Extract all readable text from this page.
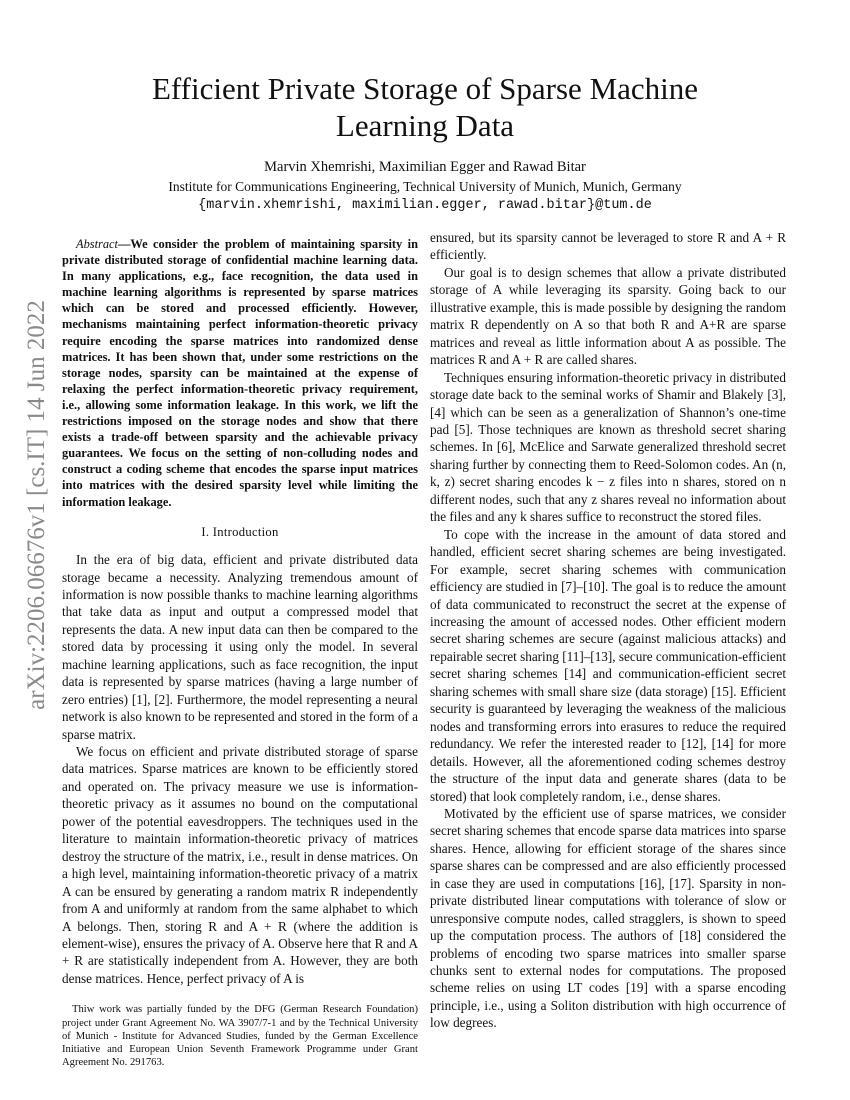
arXiv:2206.06676v1 [cs.IT] 14 Jun 2022
Efficient Private Storage of Sparse Machine
Learning Data
Marvin Xhemrishi, Maximilian Egger and Rawad Bitar
Institute for Communications Engineering, Technical University of Munich, Munich, Germany
{marvin.xhemrishi, maximilian.egger, rawad.bitar}@tum.de

Abstract—We consider the problem of maintaining sparsity in private distributed storage of confidential machine learning data. In many applications, e.g., face recognition, the data used in machine learning algorithms is represented by sparse matrices which can be stored and processed efficiently. However, mechanisms maintaining perfect information-theoretic privacy require encoding the sparse matrices into randomized dense matrices. It has been shown that, under some restrictions on the storage nodes, sparsity can be maintained at the expense of relaxing the perfect information-theoretic privacy requirement, i.e., allowing some information leakage. In this work, we lift the restrictions imposed on the storage nodes and show that there exists a trade-off between sparsity and the achievable privacy guarantees. We focus on the setting of non-colluding nodes and construct a coding scheme that encodes the sparse input matrices into matrices with the desired sparsity level while limiting the information leakage.

I. Introduction

In the era of big data, efficient and private distributed data storage became a necessity. Analyzing tremendous amount of information is now possible thanks to machine learning algorithms that take data as input and output a compressed model that represents the data. A new input data can then be compared to the stored data by processing it using only the model. In several machine learning applications, such as face recognition, the input data is represented by sparse matrices (having a large number of zero entries) [1], [2]. Furthermore, the model representing a neural network is also known to be represented and stored in the form of a sparse matrix.

We focus on efficient and private distributed storage of sparse data matrices. Sparse matrices are known to be efficiently stored and operated on. The privacy measure we use is information-theoretic privacy as it assumes no bound on the computational power of the potential eavesdroppers. The techniques used in the literature to maintain information-theoretic privacy of matrices destroy the structure of the matrix, i.e., result in dense matrices. On a high level, maintaining information-theoretic privacy of a matrix A can be ensured by generating a random matrix R independently from A and uniformly at random from the same alphabet to which A belongs. Then, storing R and A + R (where the addition is element-wise), ensures the privacy of A. Observe here that R and A + R are statistically independent from A. However, they are both dense matrices. Hence, perfect privacy of A is

Thiw work was partially funded by the DFG (German Research Foundation) project under Grant Agreement No. WA 3907/7-1 and by the Technical University of Munich - Institute for Advanced Studies, funded by the German Excellence Initiative and European Union Seventh Framework Programme under Grant Agreement No. 291763.

ensured, but its sparsity cannot be leveraged to store R and A + R efficiently.

Our goal is to design schemes that allow a private distributed storage of A while leveraging its sparsity. Going back to our illustrative example, this is made possible by designing the random matrix R dependently on A so that both R and A+R are sparse matrices and reveal as little information about A as possible. The matrices R and A + R are called shares.

Techniques ensuring information-theoretic privacy in distributed storage date back to the seminal works of Shamir and Blakely [3], [4] which can be seen as a generalization of Shannon’s one-time pad [5]. Those techniques are known as threshold secret sharing schemes. In [6], McElice and Sarwate generalized threshold secret sharing further by connecting them to Reed-Solomon codes. An (n, k, z) secret sharing encodes k − z files into n shares, stored on n different nodes, such that any z shares reveal no information about the files and any k shares suffice to reconstruct the stored files.

To cope with the increase in the amount of data stored and handled, efficient secret sharing schemes are being investigated. For example, secret sharing schemes with communication efficiency are studied in [7]–[10]. The goal is to reduce the amount of data communicated to reconstruct the secret at the expense of increasing the amount of accessed nodes. Other efficient modern secret sharing schemes are secure (against malicious attacks) and repairable secret sharing [11]–[13], secure communication-efficient secret sharing schemes [14] and communication-efficient secret sharing schemes with small share size (data storage) [15]. Efficient security is guaranteed by leveraging the weakness of the malicious nodes and transforming errors into erasures to reduce the required redundancy. We refer the interested reader to [12], [14] for more details. However, all the aforementioned coding schemes destroy the structure of the input data and generate shares (data to be stored) that look completely random, i.e., dense shares.

Motivated by the efficient use of sparse matrices, we consider secret sharing schemes that encode sparse data matrices into sparse shares. Hence, allowing for efficient storage of the shares since sparse shares can be compressed and are also efficiently processed in case they are used in computations [16], [17]. Sparsity in non-private distributed linear computations with tolerance of slow or unresponsive compute nodes, called stragglers, is shown to speed up the computation process. The authors of [18] considered the problems of encoding two sparse matrices into smaller sparse chunks sent to external nodes for computations. The proposed scheme relies on using LT codes [19] with a sparse encoding principle, i.e., using a Soliton distribution with high occurrence of low degrees.
